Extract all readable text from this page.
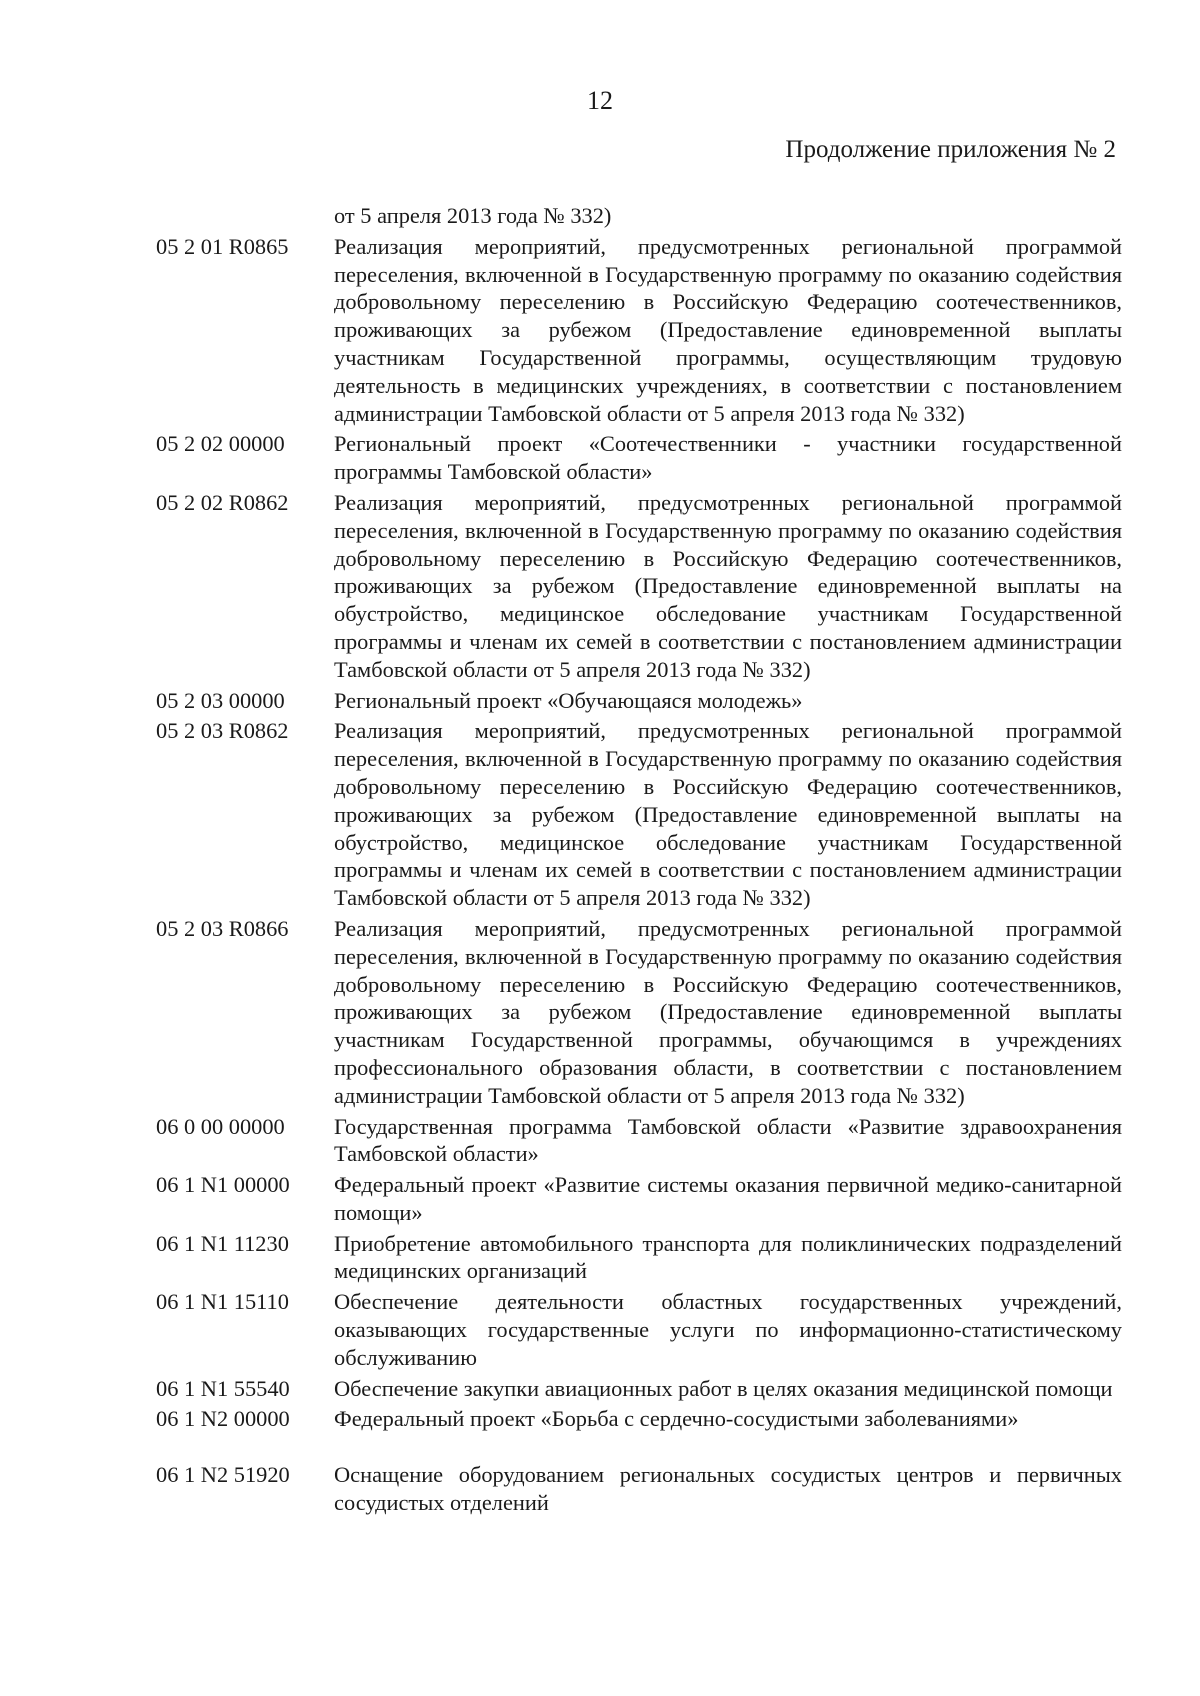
12
Продолжение приложения № 2
от 5 апреля 2013 года № 332)
05 2 01 R0865	Реализация мероприятий, предусмотренных региональной программой переселения, включенной в Государственную программу по оказанию содействия добровольному переселению в Российскую Федерацию соотечественников, проживающих за рубежом (Предоставление единовременной выплаты участникам Государственной программы, осуществляющим трудовую деятельность в медицинских учреждениях, в соответствии с постановлением администрации Тамбовской области от 5 апреля 2013 года № 332)
05 2 02 00000	Региональный проект «Соотечественники - участники государственной программы Тамбовской области»
05 2 02 R0862	Реализация мероприятий, предусмотренных региональной программой переселения, включенной в Государственную программу по оказанию содействия добровольному переселению в Российскую Федерацию соотечественников, проживающих за рубежом (Предоставление единовременной выплаты на обустройство, медицинское обследование участникам Государственной программы и членам их семей в соответствии с постановлением администрации Тамбовской области от 5 апреля 2013 года № 332)
05 2 03 00000	Региональный проект «Обучающаяся молодежь»
05 2 03 R0862	Реализация мероприятий, предусмотренных региональной программой переселения, включенной в Государственную программу по оказанию содействия добровольному переселению в Российскую Федерацию соотечественников, проживающих за рубежом (Предоставление единовременной выплаты на обустройство, медицинское обследование участникам Государственной программы и членам их семей в соответствии с постановлением администрации Тамбовской области от 5 апреля 2013 года № 332)
05 2 03 R0866	Реализация мероприятий, предусмотренных региональной программой переселения, включенной в Государственную программу по оказанию содействия добровольному переселению в Российскую Федерацию соотечественников, проживающих за рубежом (Предоставление единовременной выплаты участникам Государственной программы, обучающимся в учреждениях профессионального образования области, в соответствии с постановлением администрации Тамбовской области от 5 апреля 2013 года № 332)
06 0 00 00000	Государственная программа Тамбовской области «Развитие здравоохранения Тамбовской области»
06 1 N1 00000	Федеральный проект «Развитие системы оказания первичной медико-санитарной помощи»
06 1 N1 11230	Приобретение автомобильного транспорта для поликлинических подразделений медицинских организаций
06 1 N1 15110	Обеспечение деятельности областных государственных учреждений, оказывающих государственные услуги по информационно-статистическому обслуживанию
06 1 N1 55540	Обеспечение закупки авиационных работ в целях оказания медицинской помощи
06 1 N2 00000	Федеральный проект «Борьба с сердечно-сосудистыми заболеваниями»
06 1 N2 51920	Оснащение оборудованием региональных сосудистых центров и первичных сосудистых отделений
